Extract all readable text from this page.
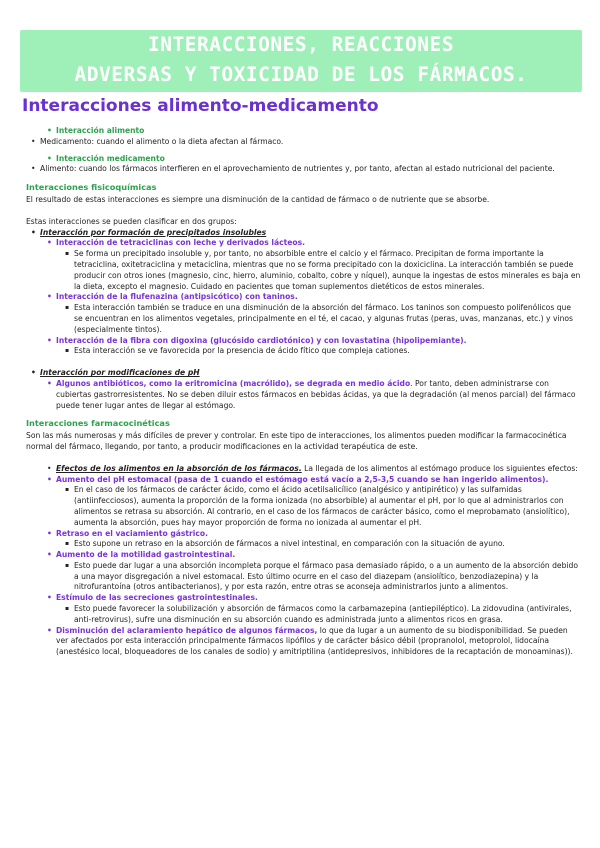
INTERACCIONES, REACCIONES
ADVERSAS Y TOXICIDAD DE LOS FÁRMACOS.
Interacciones alimento-medicamento
• Interacción alimento
• Medicamento: cuando el alimento o la dieta afectan al fármaco.
• Interacción medicamento
• Alimento: cuando los fármacos interfieren en el aprovechamiento de nutrientes y, por tanto, afectan al estado nutricional del paciente.
Interacciones fisicoquímicas

El resultado de estas interacciones es siempre una disminución de la cantidad de fármaco o de nutriente que se absorbe.

Estas interacciones se pueden clasificar en dos grupos:

• Interacción por formación de precipitados insolubles
• Interacción de tetraciclinas con leche y derivados lácteos.
▪ Se forma un precipitado insoluble y, por tanto, no absorbible entre el calcio y el fármaco. Precipitan de forma importante la tetraciclina, oxitetraciclina y metaciclina, mientras que no se forma precipitado con la doxiciclina. La interacción también se puede producir con otros iones (magnesio, cinc, hierro, aluminio, cobalto, cobre y níquel), aunque la ingestas de estos minerales es baja en la dieta, excepto el magnesio. Cuidado en pacientes que toman suplementos dietéticos de estos minerales.
• Interacción de la flufenazina (antipsicótico) con taninos.
▪ Esta interacción también se traduce en una disminución de la absorción del fármaco. Los taninos son compuesto polifenólicos que se encuentran en los alimentos vegetales, principalmente en el té, el cacao, y algunas frutas (peras, uvas, manzanas, etc.) y vinos (especialmente tintos).
• Interacción de la fibra con digoxina (glucósido cardiotónico) y con lovastatina (hipolipemiante).
▪ Esta interacción se ve favorecida por la presencia de ácido fítico que compleja cationes.
• Interacción por modificaciones de pH
• Algunos antibióticos, como la eritromicina (macrólido), se degrada en medio ácido. Por tanto, deben administrarse con cubiertas gastrorresistentes. No se deben diluir estos fármacos en bebidas ácidas, ya que la degradación (al menos parcial) del fármaco puede tener lugar antes de llegar al estómago.
Interacciones farmacocinéticas

Son las más numerosas y más difíciles de prever y controlar. En este tipo de interacciones, los alimentos pueden modificar la farmacocinética normal del fármaco, llegando, por tanto, a producir modificaciones en la actividad terapéutica de este.

• Efectos de los alimentos en la absorción de los fármacos. La llegada de los alimentos al estómago produce los siguientes efectos:
• Aumento del pH estomacal (pasa de 1 cuando el estómago está vacío a 2,5-3,5 cuando se han ingerido alimentos).
▪ En el caso de los fármacos de carácter ácido, como el ácido acetilsalicílico (analgésico y antipirético) y las sulfamidas (antiinfecciosos), aumenta la proporción de la forma ionizada (no absorbible) al aumentar el pH, por lo que al administrarlos con alimentos se retrasa su absorción. Al contrario, en el caso de los fármacos de carácter básico, como el meprobamato (ansiolítico), aumenta la absorción, pues hay mayor proporción de forma no ionizada al aumentar el pH.
• Retraso en el vaciamiento gástrico.
▪ Esto supone un retraso en la absorción de fármacos a nivel intestinal, en comparación con la situación de ayuno.
• Aumento de la motilidad gastrointestinal.
▪ Esto puede dar lugar a una absorción incompleta porque el fármaco pasa demasiado rápido, o a un aumento de la absorción debido a una mayor disgregación a nivel estomacal. Esto último ocurre en el caso del diazepam (ansiolítico, benzodiazepina) y la nitrofurantoína (otros antibacterianos), y por esta razón, entre otras se aconseja administrarlos junto a alimentos.
• Estímulo de las secreciones gastrointestinales.
▪ Esto puede favorecer la solubilización y absorción de fármacos como la carbamazepina (antiepiléptico). La zidovudina (antivirales, anti-retrovirus), sufre una disminución en su absorción cuando es administrada junto a alimentos ricos en grasa.
• Disminución del aclaramiento hepático de algunos fármacos, lo que da lugar a un aumento de su biodisponibilidad. Se pueden ver afectados por esta interacción principalmente fármacos lipófilos y de carácter básico débil (propranolol, metoprolol, lidocaína (anestésico local, bloqueadores de los canales de sodio) y amitriptilina (antidepresivos, inhibidores de la recaptación de monoaminas)).
